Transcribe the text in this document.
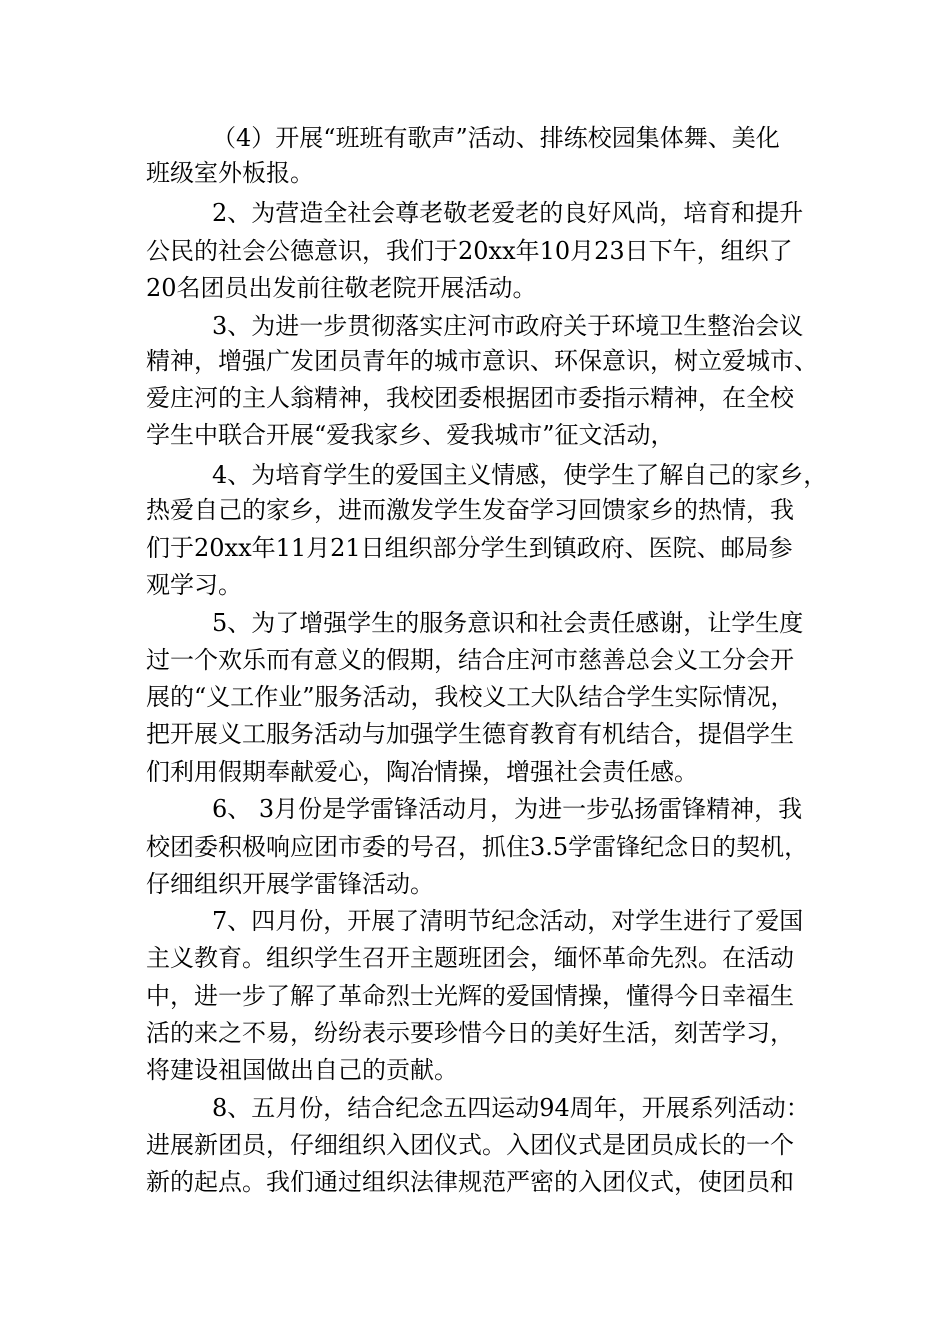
（4）开展“班班有歌声”活动、排练校园集体舞、美化
班级室外板报。
2、为营造全社会尊老敬老爱老的良好风尚，培育和提升
公民的社会公德意识，我们于20xx年10月23日下午，组织了
20名团员出发前往敬老院开展活动。
3、为进一步贯彻落实庄河市政府关于环境卫生整治会议
精神，增强广发团员青年的城市意识、环保意识，树立爱城市、
爱庄河的主人翁精神，我校团委根据团市委指示精神，在全校
学生中联合开展“爱我家乡、爱我城市”征文活动，
4、为培育学生的爱国主义情感，使学生了解自己的家乡，
热爱自己的家乡，进而激发学生发奋学习回馈家乡的热情，我
们于20xx年11月21日组织部分学生到镇政府、医院、邮局参
观学习。
5、为了增强学生的服务意识和社会责任感谢，让学生度
过一个欢乐而有意义的假期，结合庄河市慈善总会义工分会开
展的“义工作业”服务活动，我校义工大队结合学生实际情况，
把开展义工服务活动与加强学生德育教育有机结合，提倡学生
们利用假期奉献爱心，陶冶情操，增强社会责任感。
6、 3月份是学雷锋活动月，为进一步弘扬雷锋精神，我
校团委积极响应团市委的号召，抓住3.5学雷锋纪念日的契机，
仔细组织开展学雷锋活动。
7、四月份，开展了清明节纪念活动，对学生进行了爱国
主义教育。组织学生召开主题班团会，缅怀革命先烈。在活动
中，进一步了解了革命烈士光辉的爱国情操，懂得今日幸福生
活的来之不易，纷纷表示要珍惜今日的美好生活，刻苦学习，
将建设祖国做出自己的贡献。
8、五月份，结合纪念五四运动94周年，开展系列活动：
进展新团员，仔细组织入团仪式。入团仪式是团员成长的一个
新的起点。我们通过组织法律规范严密的入团仪式，使团员和
